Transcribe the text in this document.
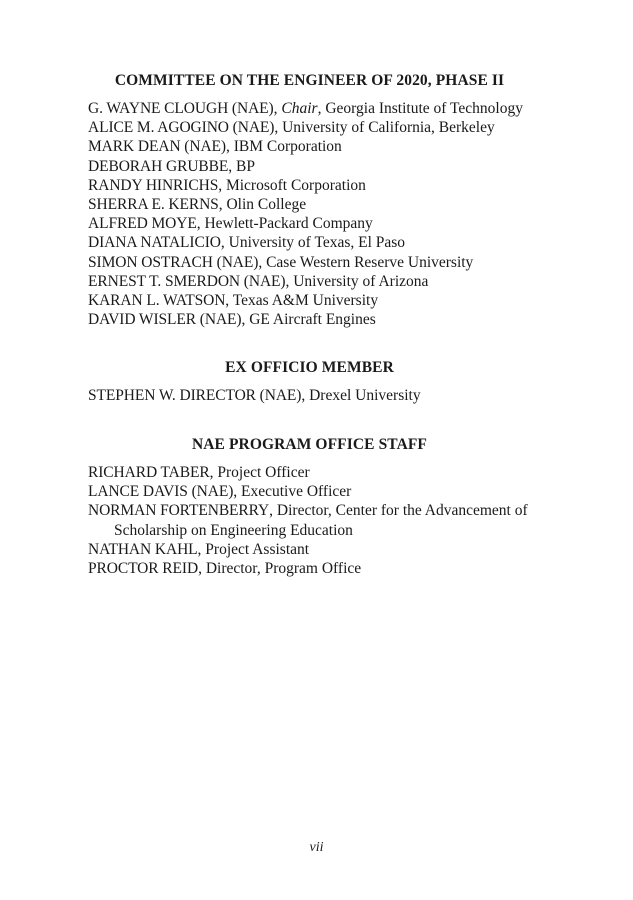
COMMITTEE ON THE ENGINEER OF 2020, PHASE II
G. WAYNE CLOUGH (NAE), Chair, Georgia Institute of Technology
ALICE M. AGOGINO (NAE), University of California, Berkeley
MARK DEAN (NAE), IBM Corporation
DEBORAH GRUBBE, BP
RANDY HINRICHS, Microsoft Corporation
SHERRA E. KERNS, Olin College
ALFRED MOYE, Hewlett-Packard Company
DIANA NATALICIO, University of Texas, El Paso
SIMON OSTRACH (NAE), Case Western Reserve University
ERNEST T. SMERDON (NAE), University of Arizona
KARAN L. WATSON, Texas A&M University
DAVID WISLER (NAE), GE Aircraft Engines
EX OFFICIO MEMBER
STEPHEN W. DIRECTOR (NAE), Drexel University
NAE PROGRAM OFFICE STAFF
RICHARD TABER, Project Officer
LANCE DAVIS (NAE), Executive Officer
NORMAN FORTENBERRY, Director, Center for the Advancement of Scholarship on Engineering Education
NATHAN KAHL, Project Assistant
PROCTOR REID, Director, Program Office
vii
